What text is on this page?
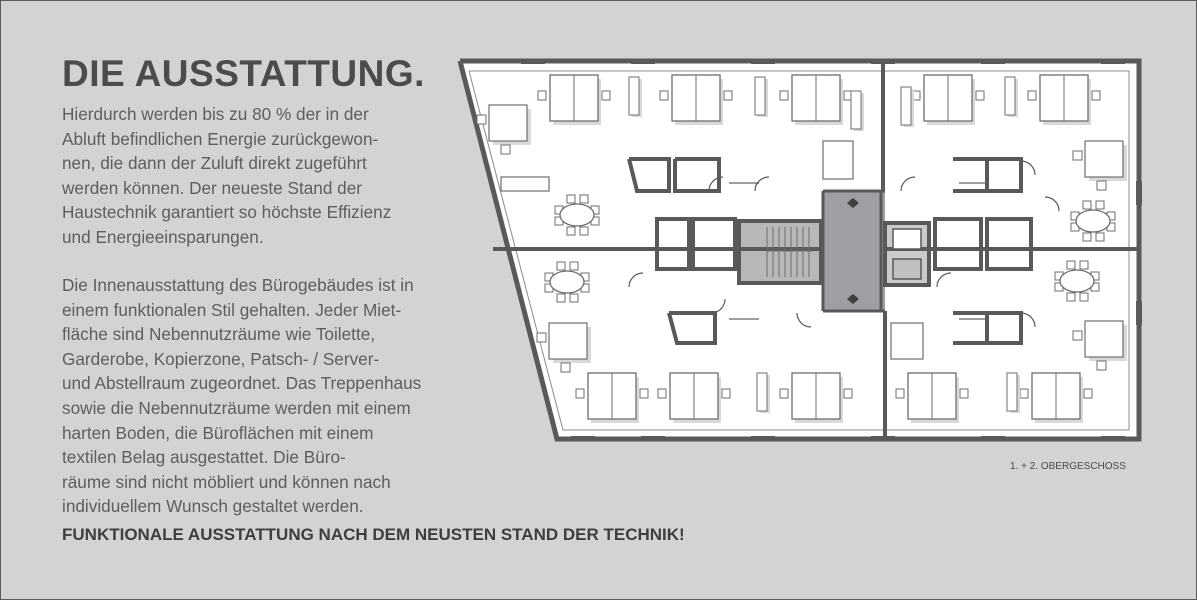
DIE AUSSTATTUNG.

Hierdurch werden bis zu 80 % der in der
Abluft befindlichen Energie zurückgewon-
nen, die dann der Zuluft direkt zugeführt
werden können. Der neueste Stand der
Haustechnik garantiert so höchste Effizienz
und Energieeinsparungen.

Die Innenausstattung des Bürogebäudes ist in
einem funktionalen Stil gehalten. Jeder Miet-
fläche sind Nebennutzräume wie Toilette,
Garderobe, Kopierzone, Patsch- / Server-
und Abstellraum zugeordnet. Das Treppenhaus
sowie die Nebennutzräume werden mit einem
harten Boden, die Büroflächen mit einem
textilen Belag ausgestattet. Die Büro-
räume sind nicht möbliert und können nach
individuellem Wunsch gestaltet werden.

FUNKTIONALE AUSSTATTUNG NACH DEM NEUSTEN STAND DER TECHNIK!

1. + 2. OBERGESCHOSS
